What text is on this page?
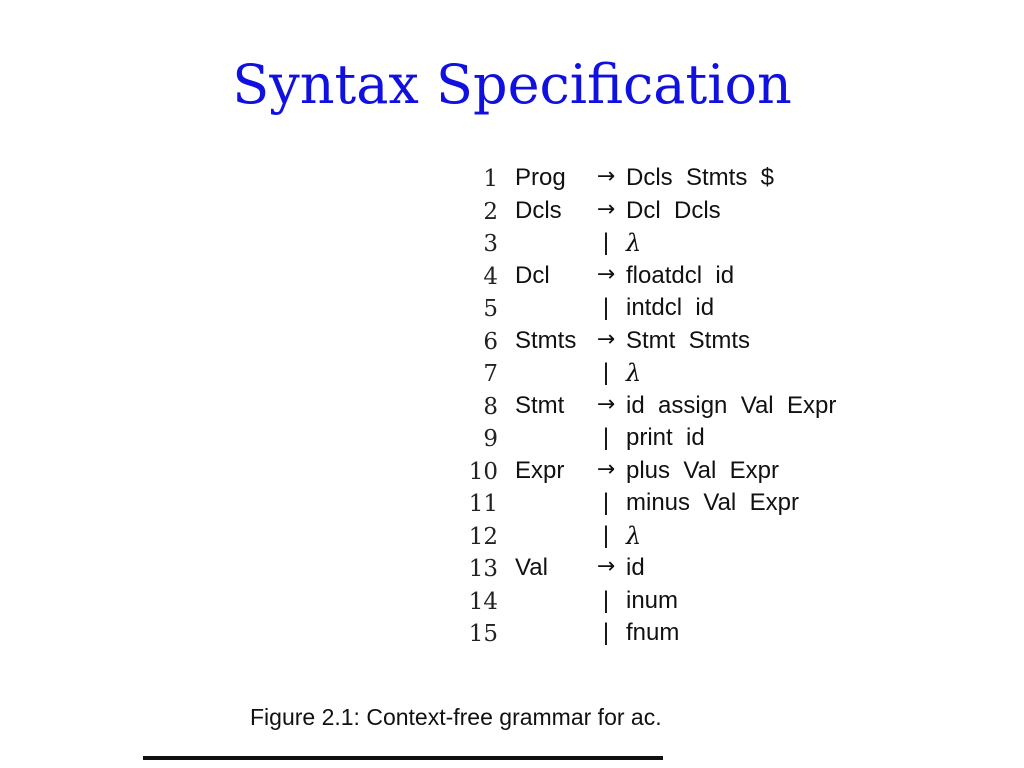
Syntax Specification
1 Prog	→ Dcls  Stmts  $
2 Dcls	→ Dcl  Dcls
3	| λ
4 Dcl	→ floatdcl  id
5	| intdcl  id
6 Stmts → Stmt  Stmts
7	| λ
8 Stmt	→ id  assign  Val  Expr
9	| print  id
10 Expr	→ plus  Val  Expr
11	| minus  Val  Expr
12	| λ
13 Val	→ id
14	| inum
15	| fnum
Figure 2.1: Context-free grammar for ac.
